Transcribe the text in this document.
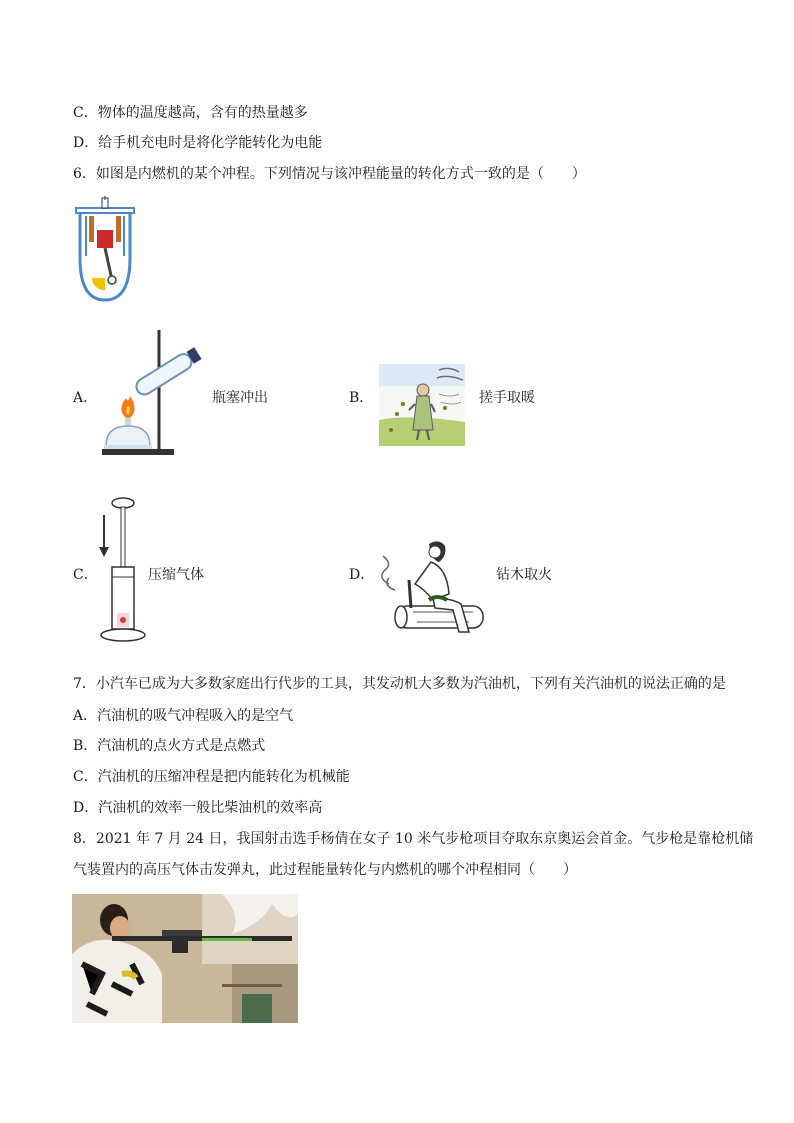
C．物体的温度越高，含有的热量越多
D．给手机充电时是将化学能转化为电能
6．如图是内燃机的某个冲程。下列情况与该冲程能量的转化方式一致的是（　　）
A．	瓶塞冲出	B．	搓手取暖
C．	压缩气体	D．	钻木取火
7．小汽车已成为大多数家庭出行代步的工具，其发动机大多数为汽油机，下列有关汽油机的说法正确的是
A．汽油机的吸气冲程吸入的是空气
B．汽油机的点火方式是点燃式
C．汽油机的压缩冲程是把内能转化为机械能
D．汽油机的效率一般比柴油机的效率高
8．2021 年 7 月 24 日，我国射击选手杨倩在女子 10 米气步枪项目夺取东京奥运会首金。气步枪是靠枪机储
气装置内的高压气体击发弹丸，此过程能量转化与内燃机的哪个冲程相同（　　）
